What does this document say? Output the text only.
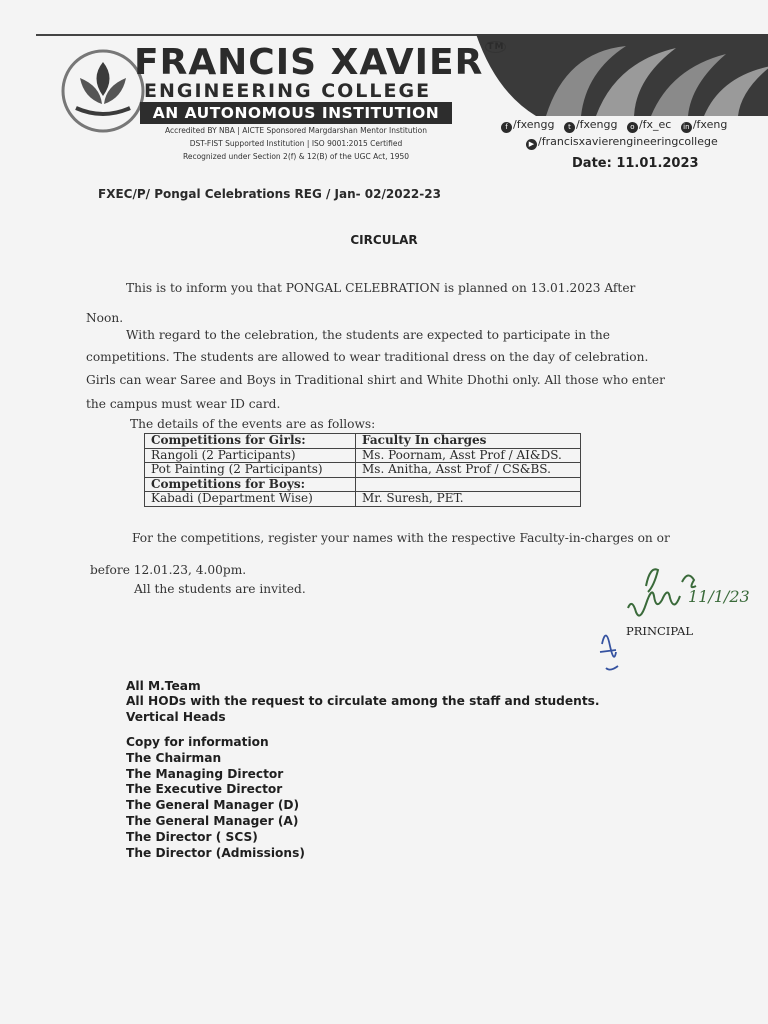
FRANCIS XAVIER ™
ENGINEERING COLLEGE
AN AUTONOMOUS INSTITUTION
Accredited BY NBA | AICTE Sponsored Margdarshan Mentor Institution
DST-FIST Supported Institution | ISO 9001:2015 Certified
Recognized under Section 2(f) & 12(B) of the UGC Act, 1950
f /fxengg t /fxengg o /fx_ec in /fxeng
▶ /francisxavierengineeringcollege
Date: 11.01.2023
FXEC/P/ Pongal Celebrations REG / Jan- 02/2022-23
CIRCULAR
This is to inform you that PONGAL CELEBRATION is planned on 13.01.2023 After
Noon.
With regard to the celebration, the students are expected to participate in the
competitions. The students are allowed to wear traditional dress on the day of celebration.
Girls can wear Saree and Boys in Traditional shirt and White Dhothi only. All those who enter
the campus must wear ID card.
The details of the events are as follows:
Competitions for Girls:	Faculty In charges
Rangoli (2 Participants)	Ms. Poornam, Asst Prof / AI&DS.
Pot Painting (2 Participants)	Ms. Anitha, Asst Prof / CS&BS.
Competitions for Boys:	
Kabadi (Department Wise)	Mr. Suresh, PET.
For the competitions, register your names with the respective Faculty-in-charges on or
before 12.01.23, 4.00pm.
All the students are invited.	11/1/23
PRINCIPAL
All M.Team
All HODs with the request to circulate among the staff and students.
Vertical Heads
Copy for information
The Chairman
The Managing Director
The Executive Director
The General Manager (D)
The General Manager (A)
The Director ( SCS)
The Director (Admissions)
